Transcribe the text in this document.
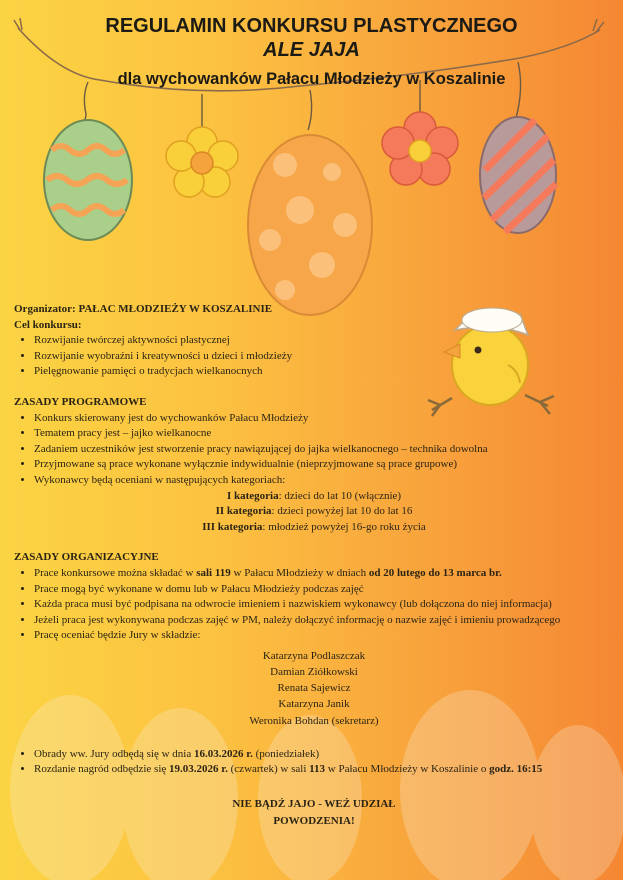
REGULAMIN KONKURSU PLASTYCZNEGO
ALE JAJA
dla wychowanków Pałacu Młodzieży w Koszalinie
Organizator: PAŁAC MŁODZIEŻY W KOSZALINIE
Cel konkursu:
• Rozwijanie twórczej aktywności plastycznej
• Rozwijanie wyobraźni i kreatywności u dzieci i młodzieży
• Pielęgnowanie pamięci o tradycjach wielkanocnych
ZASADY PROGRAMOWE
• Konkurs skierowany jest do wychowanków Pałacu Młodzieży
• Tematem pracy jest – jajko wielkanocne
• Zadaniem uczestników jest stworzenie pracy nawiązującej do jajka wielkanocnego – technika dowolna
• Przyjmowane są prace wykonane wyłącznie indywidualnie (nieprzyjmowane są prace grupowe)
• Wykonawcy będą oceniani w następujących kategoriach:
I kategoria: dzieci do lat 10 (włącznie)
II kategoria: dzieci powyżej lat 10 do lat 16
III kategoria: młodzież powyżej 16-go roku życia
ZASADY ORGANIZACYJNE
• Prace konkursowe można składać w sali 119 w Pałacu Młodzieży w dniach od 20 lutego do 13 marca br.
• Prace mogą być wykonane w domu lub w Pałacu Młodzieży podczas zajęć
• Każda praca musi być podpisana na odwrocie imieniem i nazwiskiem wykonawcy (lub dołączona do niej informacja)
• Jeżeli praca jest wykonywana podczas zajęć w PM, należy dołączyć informację o nazwie zajęć i imieniu prowadzącego
• Pracę oceniać będzie Jury w składzie:
Katarzyna Podlaszczak
Damian Ziółkowski
Renata Sajewicz
Katarzyna Janik
Weronika Bohdan (sekretarz)
• Obrady ww. Jury odbędą się w dnia 16.03.2026 r. (poniedziałek)
• Rozdanie nagród odbędzie się 19.03.2026 r. (czwartek) w sali 113 w Pałacu Młodzieży w Koszalinie o godz. 16:15
NIE BĄDŹ JAJO - WEŹ UDZIAŁ
POWODZENIA!
